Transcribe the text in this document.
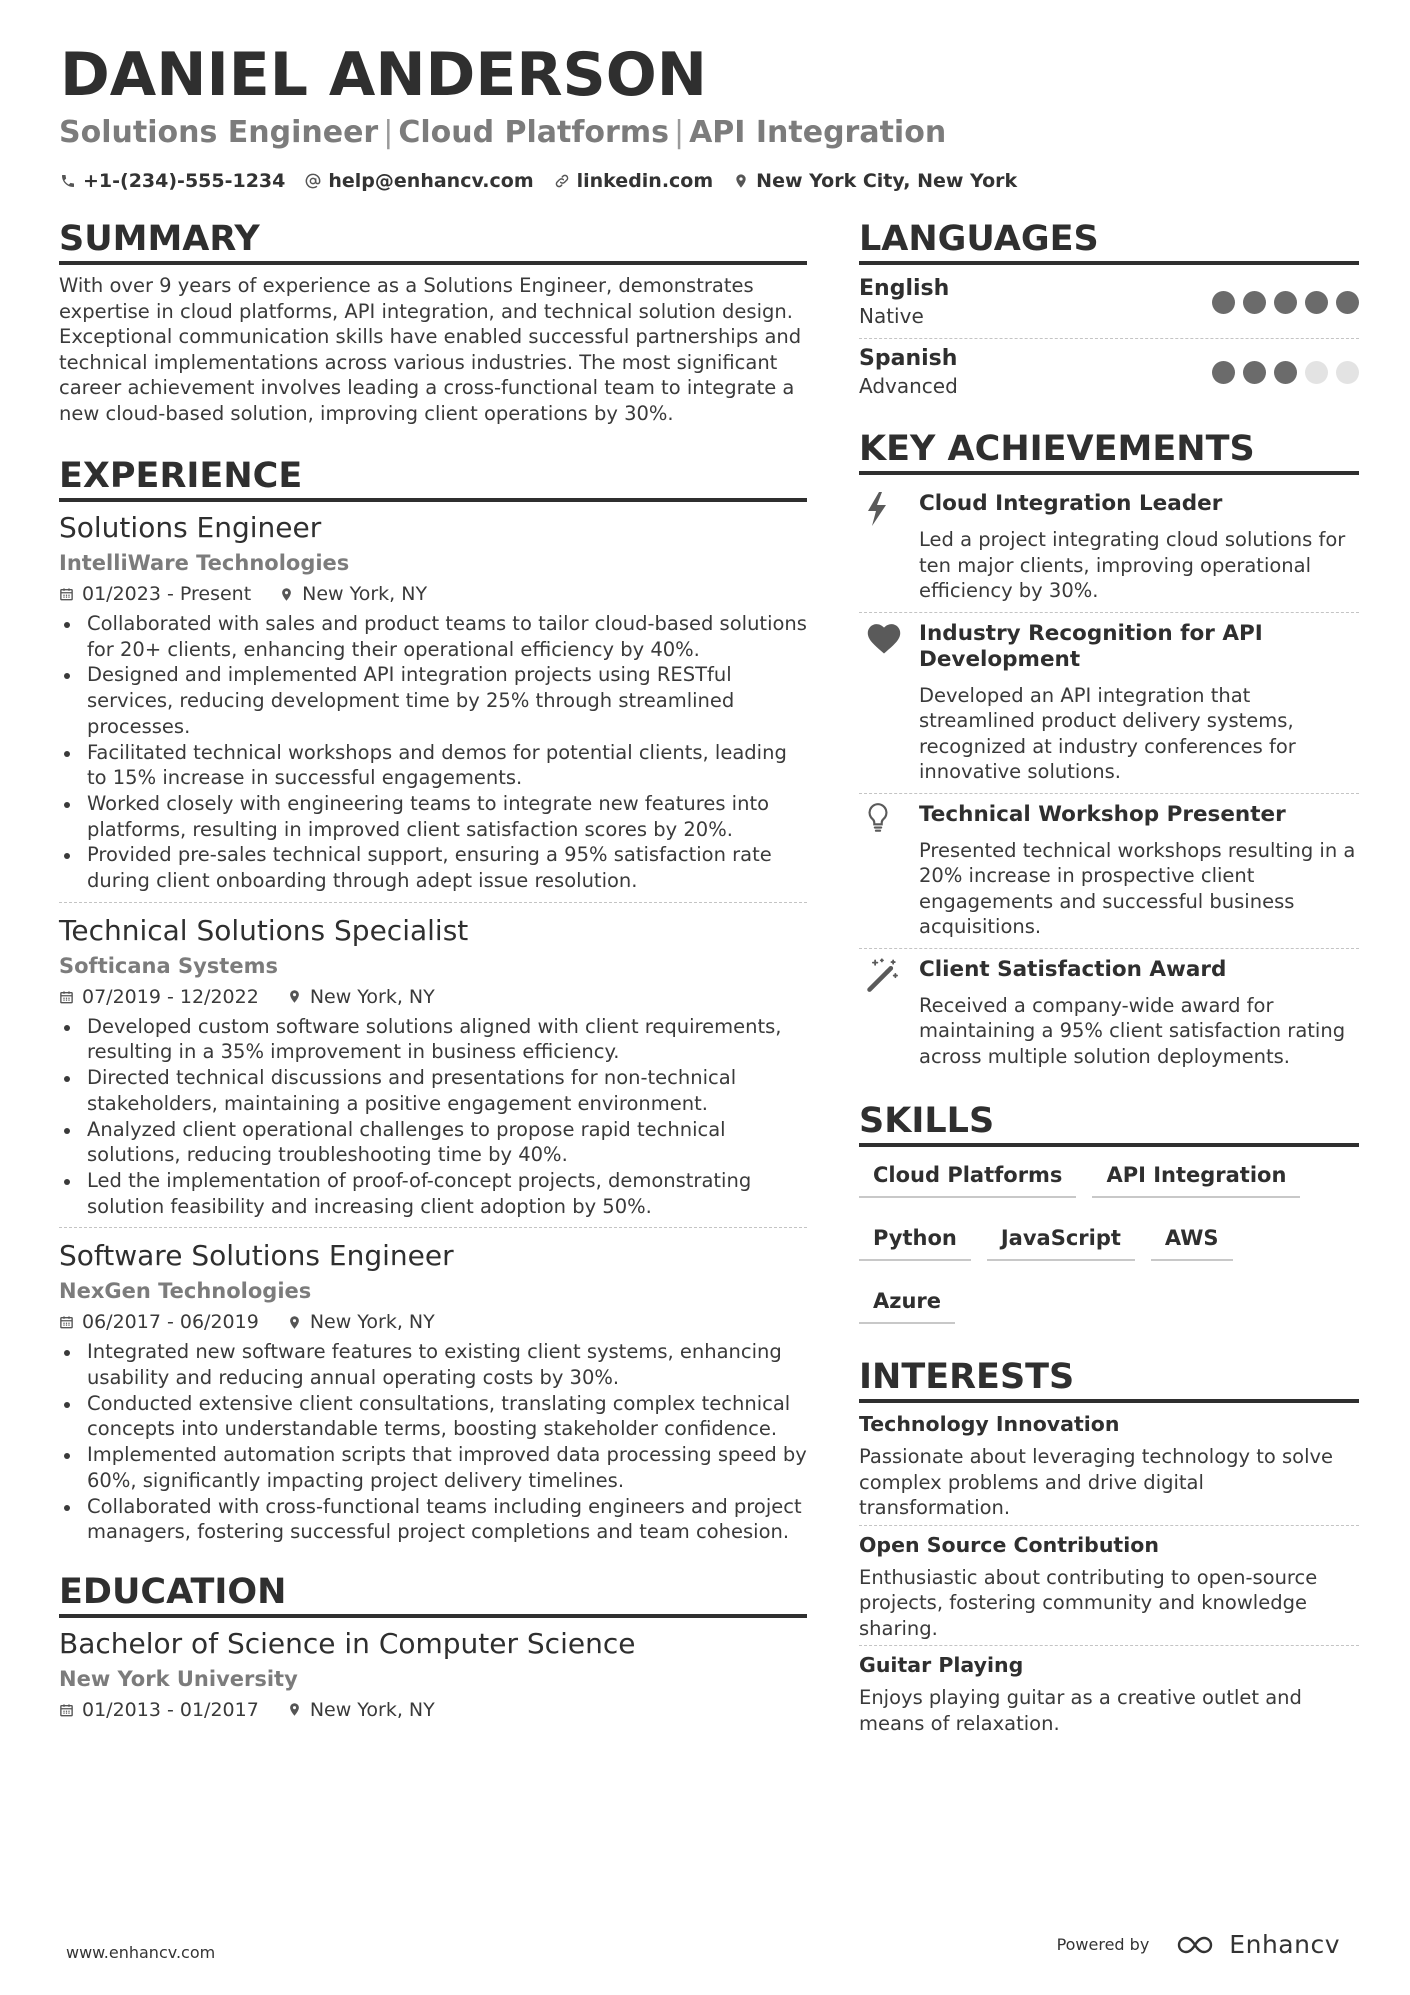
DANIEL ANDERSON
Solutions Engineer | Cloud Platforms | API Integration
+1-(234)-555-1234 help@enhancv.com linkedin.com New York City, New York
SUMMARY
With over 9 years of experience as a Solutions Engineer, demonstrates expertise in cloud platforms, API integration, and technical solution design. Exceptional communication skills have enabled successful partnerships and technical implementations across various industries. The most significant career achievement involves leading a cross-functional team to integrate a new cloud-based solution, improving client operations by 30%.
EXPERIENCE
Solutions Engineer
IntelliWare Technologies
01/2023 - Present	New York, NY
Collaborated with sales and product teams to tailor cloud-based solutions for 20+ clients, enhancing their operational efficiency by 40%.
Designed and implemented API integration projects using RESTful services, reducing development time by 25% through streamlined processes.
Facilitated technical workshops and demos for potential clients, leading to 15% increase in successful engagements.
Worked closely with engineering teams to integrate new features into platforms, resulting in improved client satisfaction scores by 20%.
Provided pre-sales technical support, ensuring a 95% satisfaction rate during client onboarding through adept issue resolution.
Technical Solutions Specialist
Softicana Systems
07/2019 - 12/2022	New York, NY
Developed custom software solutions aligned with client requirements, resulting in a 35% improvement in business efficiency.
Directed technical discussions and presentations for non-technical stakeholders, maintaining a positive engagement environment.
Analyzed client operational challenges to propose rapid technical solutions, reducing troubleshooting time by 40%.
Led the implementation of proof-of-concept projects, demonstrating solution feasibility and increasing client adoption by 50%.
Software Solutions Engineer
NexGen Technologies
06/2017 - 06/2019	New York, NY
Integrated new software features to existing client systems, enhancing usability and reducing annual operating costs by 30%.
Conducted extensive client consultations, translating complex technical concepts into understandable terms, boosting stakeholder confidence.
Implemented automation scripts that improved data processing speed by 60%, significantly impacting project delivery timelines.
Collaborated with cross-functional teams including engineers and project managers, fostering successful project completions and team cohesion.
EDUCATION
Bachelor of Science in Computer Science
New York University
01/2013 - 01/2017	New York, NY
LANGUAGES
English
Native
Spanish
Advanced
KEY ACHIEVEMENTS
Cloud Integration Leader
Led a project integrating cloud solutions for ten major clients, improving operational efficiency by 30%.
Industry Recognition for API Development
Developed an API integration that streamlined product delivery systems, recognized at industry conferences for innovative solutions.
Technical Workshop Presenter
Presented technical workshops resulting in a 20% increase in prospective client engagements and successful business acquisitions.
Client Satisfaction Award
Received a company-wide award for maintaining a 95% client satisfaction rating across multiple solution deployments.
SKILLS
Cloud Platforms	API Integration
Python	JavaScript	AWS
Azure
INTERESTS
Technology Innovation
Passionate about leveraging technology to solve complex problems and drive digital transformation.
Open Source Contribution
Enthusiastic about contributing to open-source projects, fostering community and knowledge sharing.
Guitar Playing
Enjoys playing guitar as a creative outlet and means of relaxation.
www.enhancv.com	Powered by	Enhancv
